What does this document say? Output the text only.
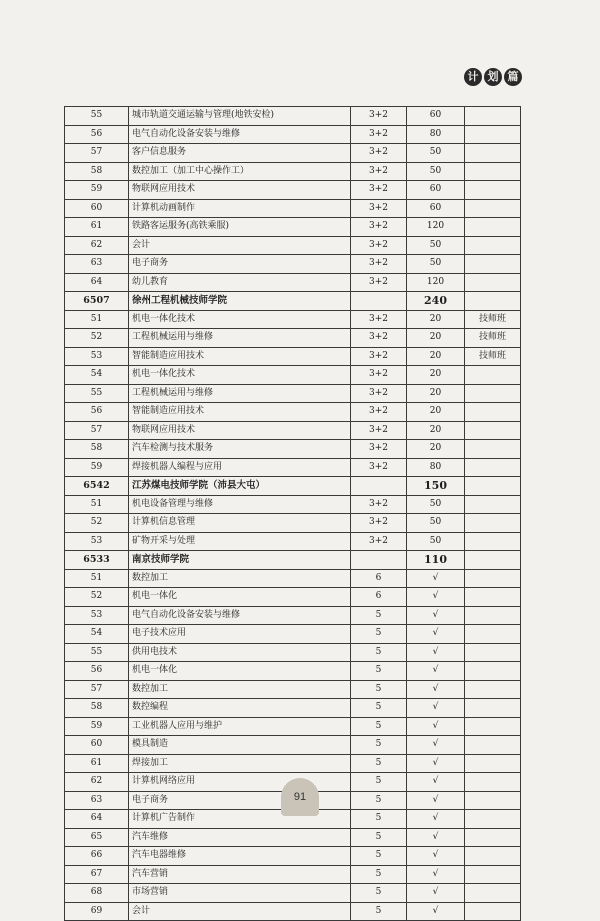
计 划 篇
55	城市轨道交通运输与管理(地铁安检)	3+2	60	
56	电气自动化设备安装与维修	3+2	80	
57	客户信息服务	3+2	50	
58	数控加工（加工中心操作工）	3+2	50	
59	物联网应用技术	3+2	60	
60	计算机动画制作	3+2	60	
61	铁路客运服务(高铁乘服)	3+2	120	
62	会计	3+2	50	
63	电子商务	3+2	50	
64	幼儿教育	3+2	120	
6507	徐州工程机械技师学院		240	
51	机电一体化技术	3+2	20	技师班
52	工程机械运用与维修	3+2	20	技师班
53	智能制造应用技术	3+2	20	技师班
54	机电一体化技术	3+2	20	
55	工程机械运用与维修	3+2	20	
56	智能制造应用技术	3+2	20	
57	物联网应用技术	3+2	20	
58	汽车检测与技术服务	3+2	20	
59	焊接机器人编程与应用	3+2	80	
6542	江苏煤电技师学院（沛县大屯）		150	
51	机电设备管理与维修	3+2	50	
52	计算机信息管理	3+2	50	
53	矿物开采与处理	3+2	50	
6533	南京技师学院		110	
51	数控加工	6	√	
52	机电一体化	6	√	
53	电气自动化设备安装与维修	5	√	
54	电子技术应用	5	√	
55	供用电技术	5	√	
56	机电一体化	5	√	
57	数控加工	5	√	
58	数控编程	5	√	
59	工业机器人应用与维护	5	√	
60	模具制造	5	√	
61	焊接加工	5	√	
62	计算机网络应用	5	√	
63	电子商务	5	√	
64	计算机广告制作	5	√	
65	汽车维修	5	√	
66	汽车电器维修	5	√	
67	汽车营销	5	√	
68	市场营销	5	√	
69	会计	5	√	
91
